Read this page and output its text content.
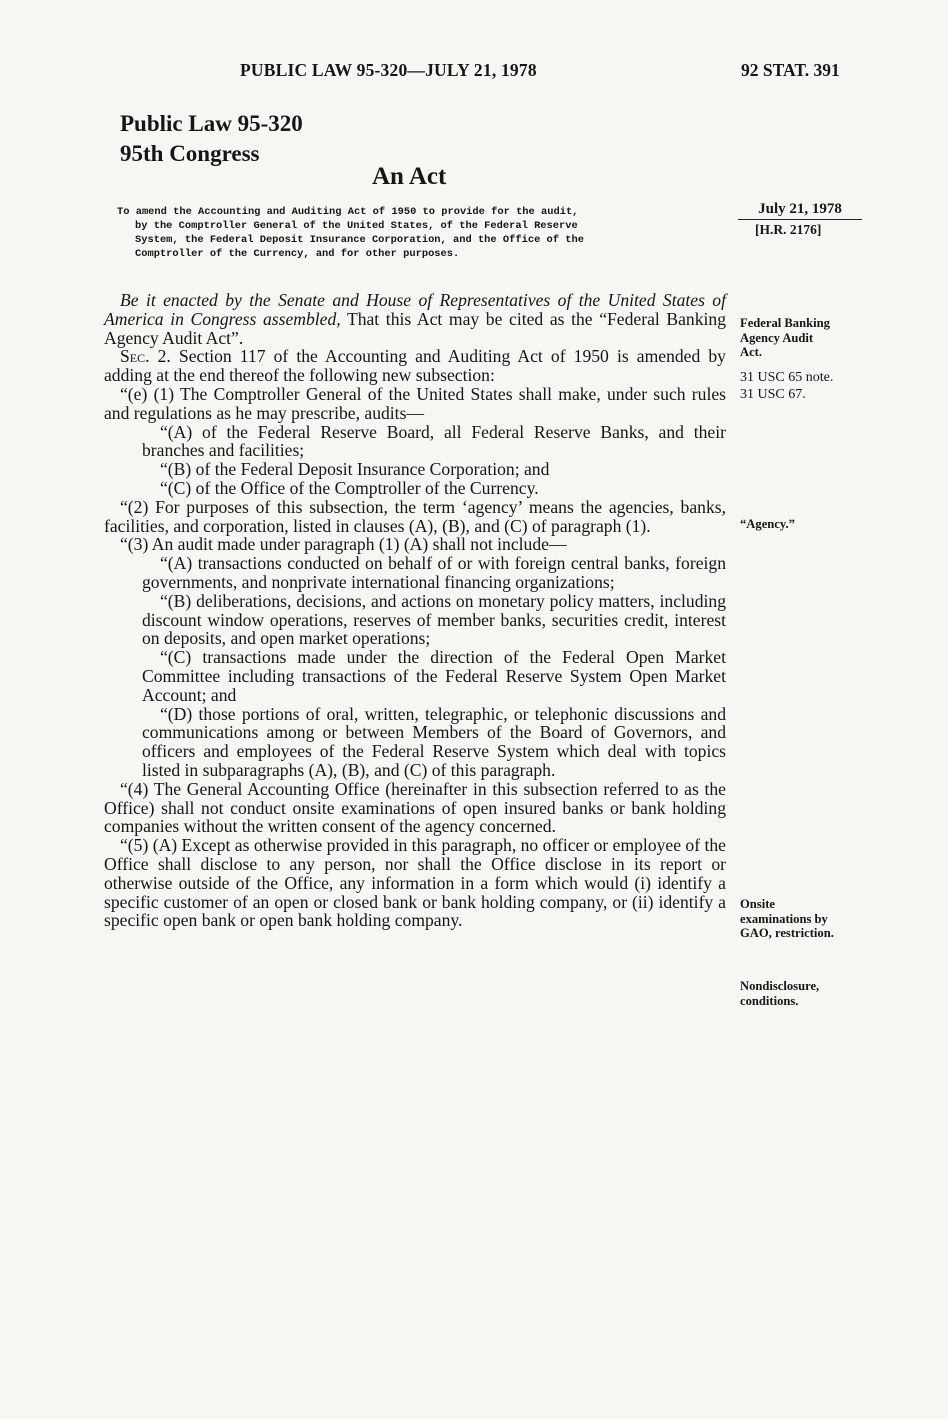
PUBLIC LAW 95-320—JULY 21, 1978	92 STAT. 391
Public Law 95-320
95th Congress
An Act
To amend the Accounting and Auditing Act of 1950 to provide for the audit,
by the Comptroller General of the United States, of the Federal Reserve
System, the Federal Deposit Insurance Corporation, and the Office of the
Comptroller of the Currency, and for other purposes.
July 21, 1978
[H.R. 2176]

Be it enacted by the Senate and House of Representatives of the United States of America in Congress assembled, That this Act may be cited as the “Federal Banking Agency Audit Act”.

Sec. 2. Section 117 of the Accounting and Auditing Act of 1950 is amended by adding at the end thereof the following new subsection:

“(e) (1) The Comptroller General of the United States shall make, under such rules and regulations as he may prescribe, audits—

“(A) of the Federal Reserve Board, all Federal Reserve Banks, and their branches and facilities;

“(B) of the Federal Deposit Insurance Corporation; and

“(C) of the Office of the Comptroller of the Currency.

“(2) For purposes of this subsection, the term ‘agency’ means the agencies, banks, facilities, and corporation, listed in clauses (A), (B), and (C) of paragraph (1).

“(3) An audit made under paragraph (1) (A) shall not include—

“(A) transactions conducted on behalf of or with foreign central banks, foreign governments, and nonprivate international financing organizations;

“(B) deliberations, decisions, and actions on monetary policy matters, including discount window operations, reserves of member banks, securities credit, interest on deposits, and open market operations;

“(C) transactions made under the direction of the Federal Open Market Committee including transactions of the Federal Reserve System Open Market Account; and

“(D) those portions of oral, written, telegraphic, or telephonic discussions and communications among or between Members of the Board of Governors, and officers and employees of the Federal Reserve System which deal with topics listed in subparagraphs (A), (B), and (C) of this paragraph.

“(4) The General Accounting Office (hereinafter in this subsection referred to as the Office) shall not conduct onsite examinations of open insured banks or bank holding companies without the written consent of the agency concerned.

“(5) (A) Except as otherwise provided in this paragraph, no officer or employee of the Office shall disclose to any person, nor shall the Office disclose in its report or otherwise outside of the Office, any information in a form which would (i) identify a specific customer of an open or closed bank or bank holding company, or (ii) identify a specific open bank or open bank holding company.

Federal Banking
Agency Audit
Act.
31 USC 65 note.
31 USC 67.
“Agency.”
Onsite
examinations by
GAO, restriction.
Nondisclosure,
conditions.
